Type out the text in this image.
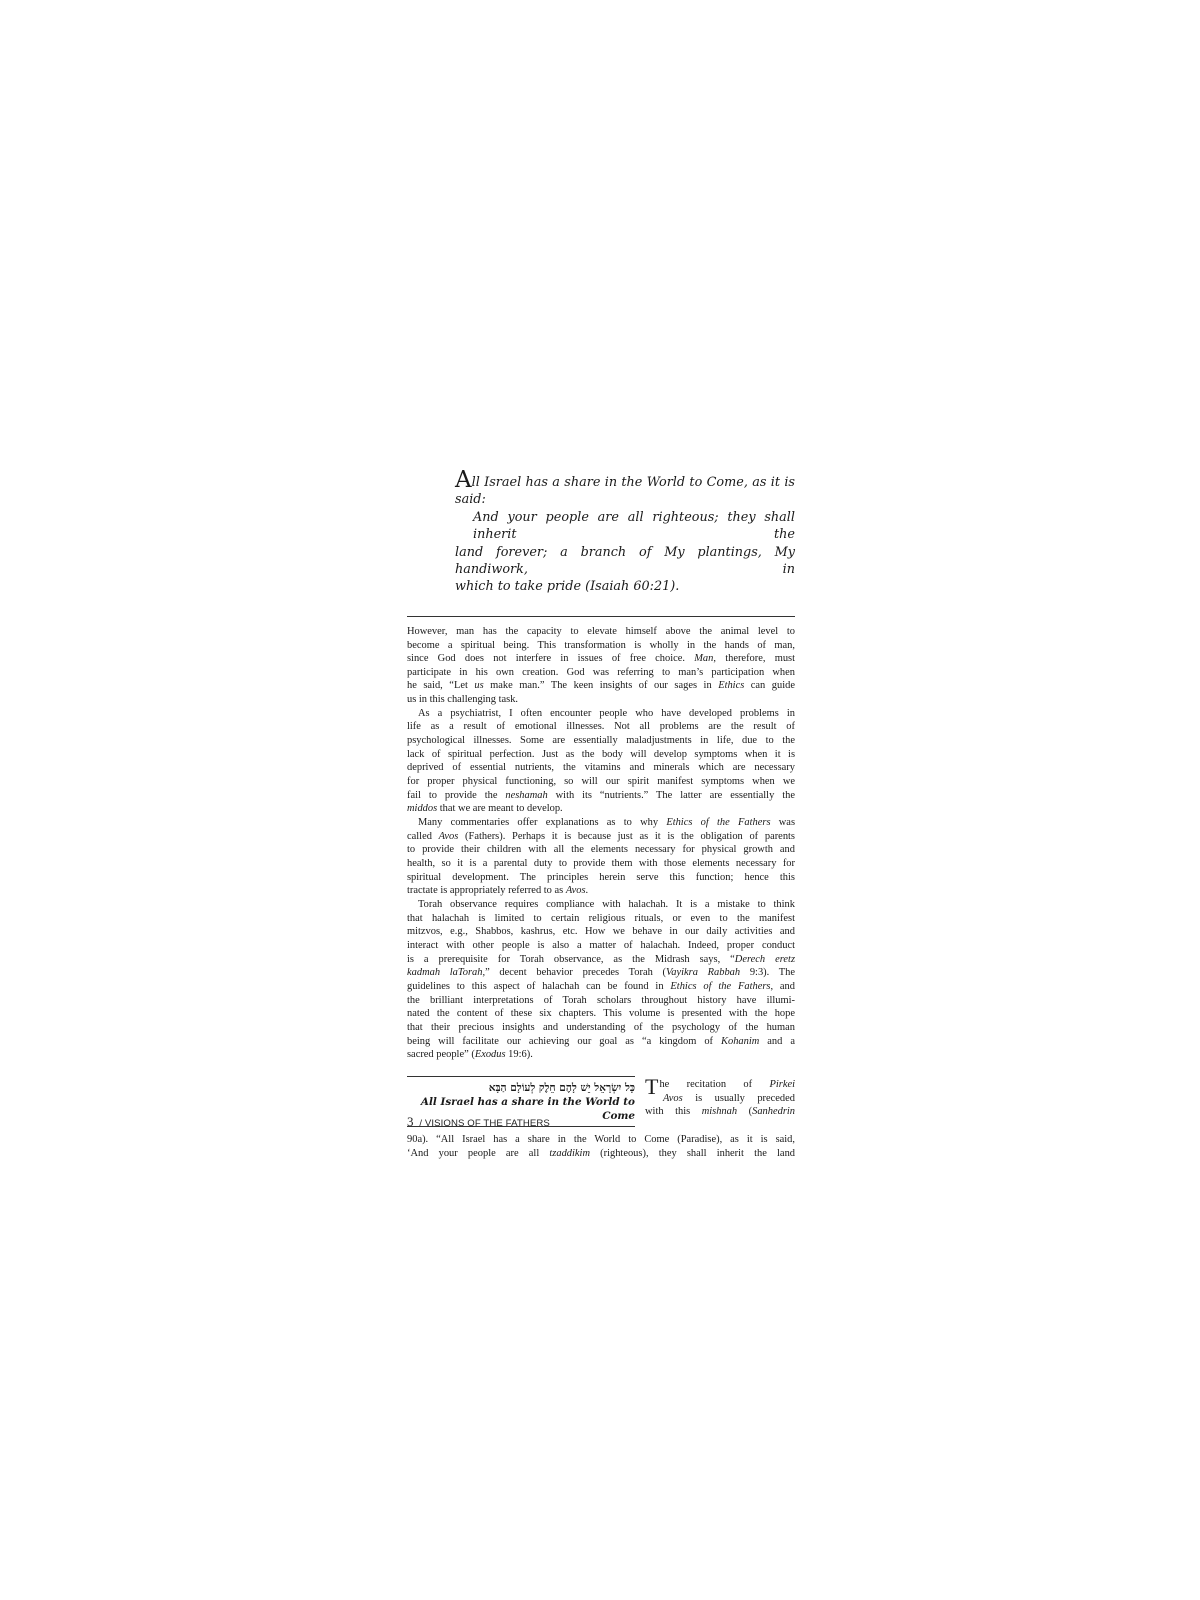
All Israel has a share in the World to Come, as it is said:
And your people are all righteous; they shall inherit the
land forever; a branch of My plantings, My handiwork, in
which to take pride (Isaiah 60:21).

However, man has the capacity to elevate himself above the animal level to
become a spiritual being. This transformation is wholly in the hands of man,
since God does not interfere in issues of free choice. Man, therefore, must
participate in his own creation. God was referring to man’s participation when
he said, “Let us make man.” The keen insights of our sages in Ethics can guide
us in this challenging task.

As a psychiatrist, I often encounter people who have developed problems in
life as a result of emotional illnesses. Not all problems are the result of
psychological illnesses. Some are essentially maladjustments in life, due to the
lack of spiritual perfection. Just as the body will develop symptoms when it is
deprived of essential nutrients, the vitamins and minerals which are necessary
for proper physical functioning, so will our spirit manifest symptoms when we
fail to provide the neshamah with its “nutrients.” The latter are essentially the
middos that we are meant to develop.

Many commentaries offer explanations as to why Ethics of the Fathers was
called Avos (Fathers). Perhaps it is because just as it is the obligation of parents
to provide their children with all the elements necessary for physical growth and
health, so it is a parental duty to provide them with those elements necessary for
spiritual development. The principles herein serve this function; hence this
tractate is appropriately referred to as Avos.

Torah observance requires compliance with halachah. It is a mistake to think
that halachah is limited to certain religious rituals, or even to the manifest
mitzvos, e.g., Shabbos, kashrus, etc. How we behave in our daily activities and
interact with other people is also a matter of halachah. Indeed, proper conduct
is a prerequisite for Torah observance, as the Midrash says, “Derech eretz
kadmah laTorah,” decent behavior precedes Torah (Vayikra Rabbah 9:3). The
guidelines to this aspect of halachah can be found in Ethics of the Fathers, and
the brilliant interpretations of Torah scholars throughout history have illumi-
nated the content of these six chapters. This volume is presented with the hope
that their precious insights and understanding of the psychology of the human
being will facilitate our achieving our goal as “a kingdom of Kohanim and a
sacred people” (Exodus 19:6).

כָּל יִשְׂרָאֵל יֵשׁ לָהֶם חֵלֶק לְעוֹלָם הַבָּא
All Israel has a share in the World to Come
T he recitation of Pirkei
Avos is usually preceded
with this mishnah (Sanhedrin
90a). “All Israel has a share in the World to Come (Paradise), as it is said,
‘And your people are all tzaddikim (righteous), they shall inherit the land
3 / VISIONS OF THE FATHERS
